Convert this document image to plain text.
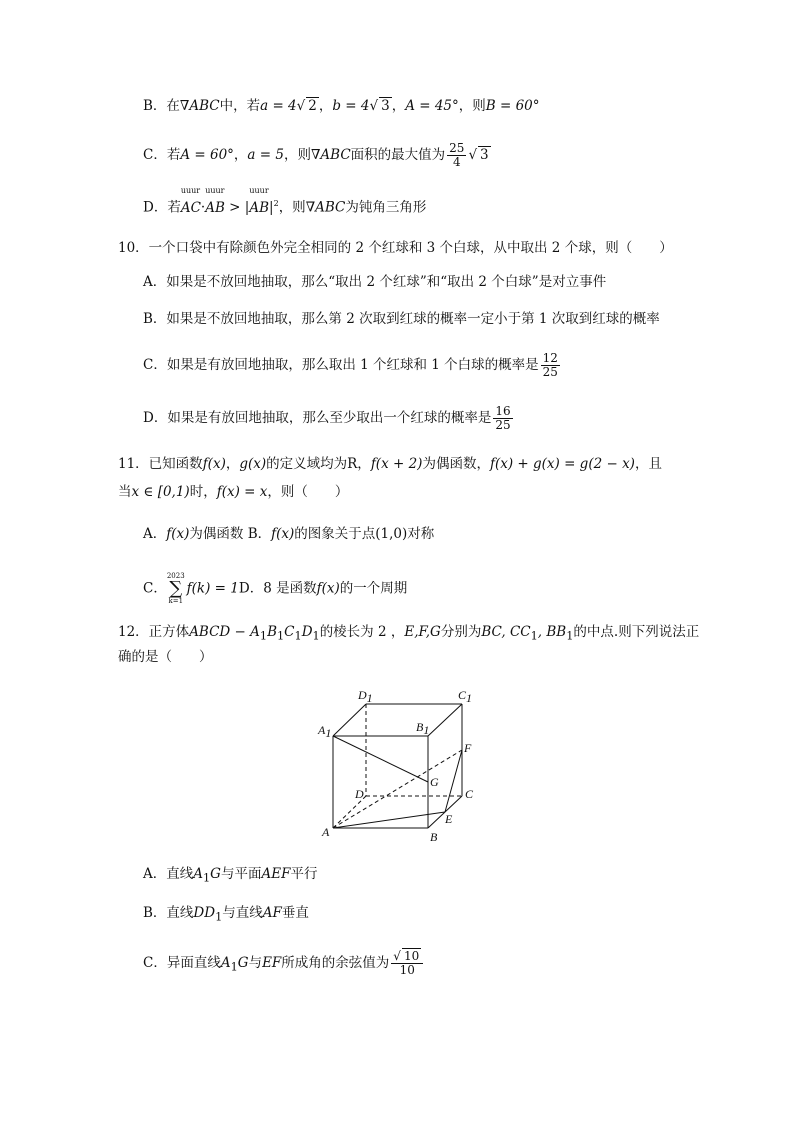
B．在∇ABC中，若a = 4√ 2 ，b = 4√ 3 ，A = 45°，则B = 60°
C．若A = 60°，a = 5，则∇ABC面积的最大值为 $\frac{25}{4}$ √ 3
D．若
uuur
AC·
uuur
AB > |
uuur
$AB|^2$，则∇ABC为钝角三角形
10．一个口袋中有除颜色外完全相同的 2 个红球和 3 个白球，从中取出 2 个球，则（　　）
A．如果是不放回地抽取，那么“取出 2 个红球”和“取出 2 个白球”是对立事件
B．如果是不放回地抽取，那么第 2 次取到红球的概率一定小于第 1 次取到红球的概率
C．如果是有放回地抽取，那么取出 1 个红球和 1 个白球的概率是 $\frac{12}{25}$
D．如果是有放回地抽取，那么至少取出一个红球的概率是 $\frac{16}{25}$
11．已知函数f(x)，g(x)的定义域均为R，f(x + 2)为偶函数，f(x) + g(x) = g(2 − x)，且
当x ∈ [0,1)时，f(x) = x，则（　　）
A．f(x)为偶函数 B．f(x)的图象关于点(1,0)对称
C．
2023
∑
k=1
f(k) = 1D．8 是函数f(x)的一个周期
12．正方体ABCD − $A_1B_1C_1D_1$的棱长为 2 ，E,F,G分别为BC, $CC_1$, $BB_1$的中点.则下列说法正
确的是（　　）
D1	C1
A1	B1
F
G
D	C
E
A	B
A．直线$A_1G$与平面AEF平行
B．直线$DD_1$与直线AF垂直
C．异面直线$A_1G$与EF所成角的余弦值为 $\frac{√ 10}{10}$
